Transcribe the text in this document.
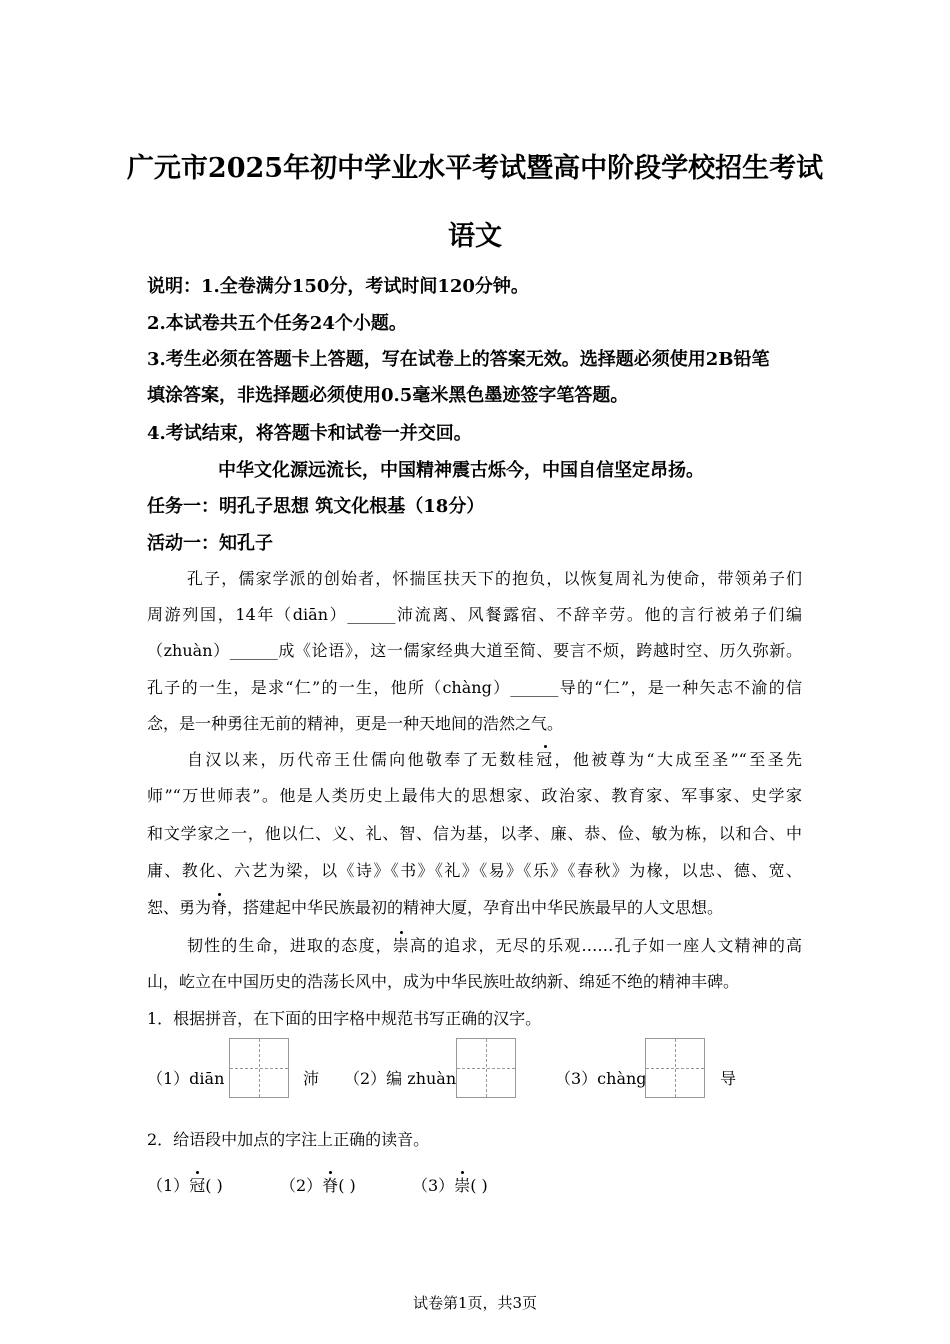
广元市2025年初中学业水平考试暨高中阶段学校招生考试
语文
说明：1.全卷满分150分，考试时间120分钟。
2.本试卷共五个任务24个小题。
3.考生必须在答题卡上答题，写在试卷上的答案无效。选择题必须使用2B铅笔
填涂答案，非选择题必须使用0.5毫米黑色墨迹签字笔答题。
4.考试结束，将答题卡和试卷一并交回。
中华文化源远流长，中国精神震古烁今，中国自信坚定昂扬。
任务一：明孔子思想 筑文化根基（18分）
活动一：知孔子
孔子，儒家学派的创始者，怀揣匡扶天下的抱负，以恢复周礼为使命，带领弟子们
周游列国，14年（diān）______沛流离、风餐露宿、不辞辛劳。他的言行被弟子们编
（zhuàn）______成《论语》，这一儒家经典大道至简、要言不烦，跨越时空、历久弥新。
孔子的一生，是求“仁”的一生，他所（chàng）______导的“仁”，是一种矢志不渝的信
念，是一种勇往无前的精神，更是一种天地间的浩然之气。
自汉以来，历代帝王仕儒向他敬奉了无数桂冠，他被尊为“大成至圣”“至圣先
师”“万世师表”。他是人类历史上最伟大的思想家、政治家、教育家、军事家、史学家
和文学家之一，他以仁、义、礼、智、信为基，以孝、廉、恭、俭、敏为栋，以和合、中
庸、教化、六艺为梁，以《诗》《书》《礼》《易》《乐》《春秋》为椽，以忠、德、宽、
恕、勇为脊，搭建起中华民族最初的精神大厦，孕育出中华民族最早的人文思想。
韧性的生命，进取的态度，崇高的追求，无尽的乐观……孔子如一座人文精神的高
山，屹立在中国历史的浩荡长风中，成为中华民族吐故纳新、绵延不绝的精神丰碑。
1．根据拼音，在下面的田字格中规范书写正确的汉字。
（1）diān	沛 （2）编 zhuàn	（3）chàng	导
2．给语段中加点的字注上正确的读音。
（1）冠( )	（2）脊( )	（3）崇( )
试卷第1页，共3页
